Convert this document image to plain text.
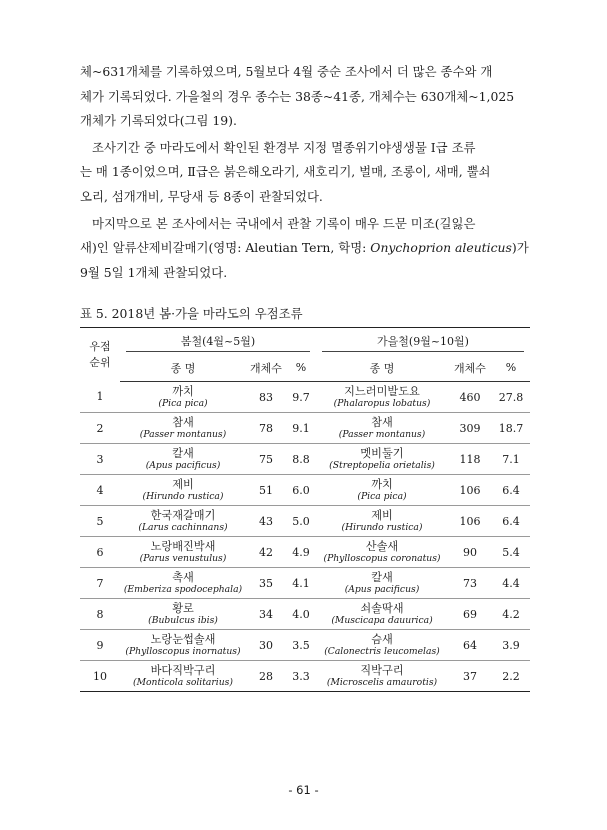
체~631개체를 기록하였으며, 5월보다 4월 중순 조사에서 더 많은 종수와 개
체가 기록되었다. 가을철의 경우 종수는 38종~41종, 개체수는 630개체~1,025
개체가 기록되었다(그림 19).

조사기간 중 마라도에서 확인된 환경부 지정 멸종위기야생생물 Ⅰ급 조류
는 매 1종이었으며, Ⅱ급은 붉은해오라기, 새호리기, 벌매, 조롱이, 새매, 뿔쇠
오리, 섬개개비, 무당새 등 8종이 관찰되었다.

마지막으로 본 조사에서는 국내에서 관찰 기록이 매우 드문 미조(길잃은
새)인 알류샨제비갈매기(영명: Aleutian Tern, 학명: Onychoprion aleuticus)가
9월 5일 1개체 관찰되었다.

표 5. 2018년 봄·가을 마라도의 우점조류
우점
순위	봄철(4월~5월)			가을철(9월~10월)		

	종 명	개체수	%	종 명	개체수	%
1	까치
(Pica pica)	83	9.7	지느러미발도요
(Phalaropus lobatus)	460	27.8
2	참새
(Passer montanus)	78	9.1	참새
(Passer montanus)	309	18.7
3	칼새
(Apus pacificus)	75	8.8	멧비둘기
(Streptopelia orietalis)	118	7.1
4	제비
(Hirundo rustica)	51	6.0	까치
(Pica pica)	106	6.4
5	한국재갈매기
(Larus cachinnans)	43	5.0	제비
(Hirundo rustica)	106	6.4
6	노랑배진박새
(Parus venustulus)	42	4.9	산솔새
(Phylloscopus coronatus)	90	5.4
7	촉새
(Emberiza spodocephala)	35	4.1	칼새
(Apus pacificus)	73	4.4
8	황로
(Bubulcus ibis)	34	4.0	쇠솔딱새
(Muscicapa dauurica)	69	4.2
9	노랑눈썹솔새
(Phylloscopus inornatus)	30	3.5	슴새
(Calonectris leucomelas)	64	3.9
10	바다직박구리
(Monticola solitarius)	28	3.3	직박구리
(Microscelis amaurotis)	37	2.2
- 61 -
